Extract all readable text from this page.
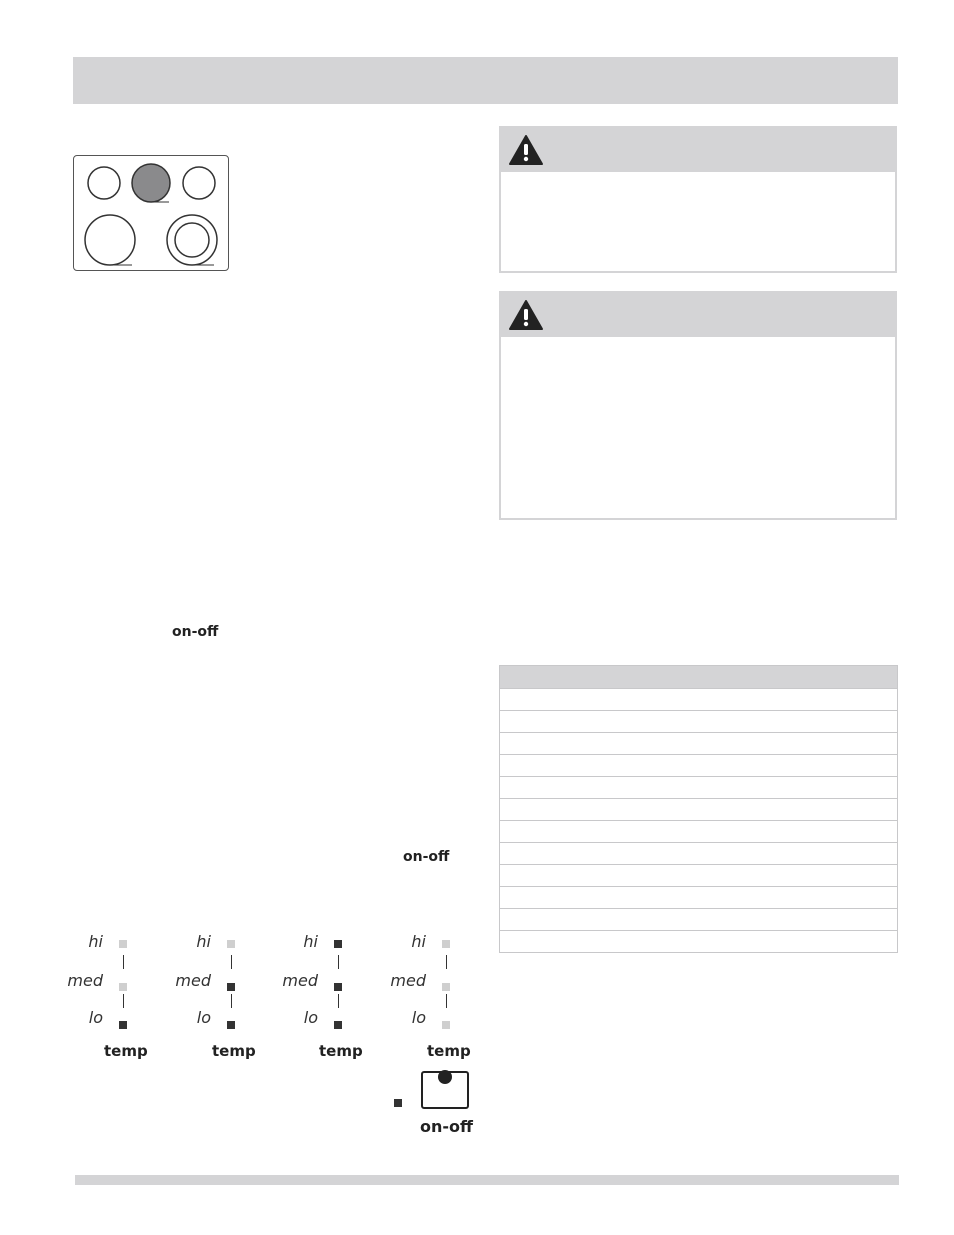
on-off
on-off
hi
med
lo
temp
hi
med
lo
temp
hi
med
lo
temp
hi
med
lo
temp
on-off
